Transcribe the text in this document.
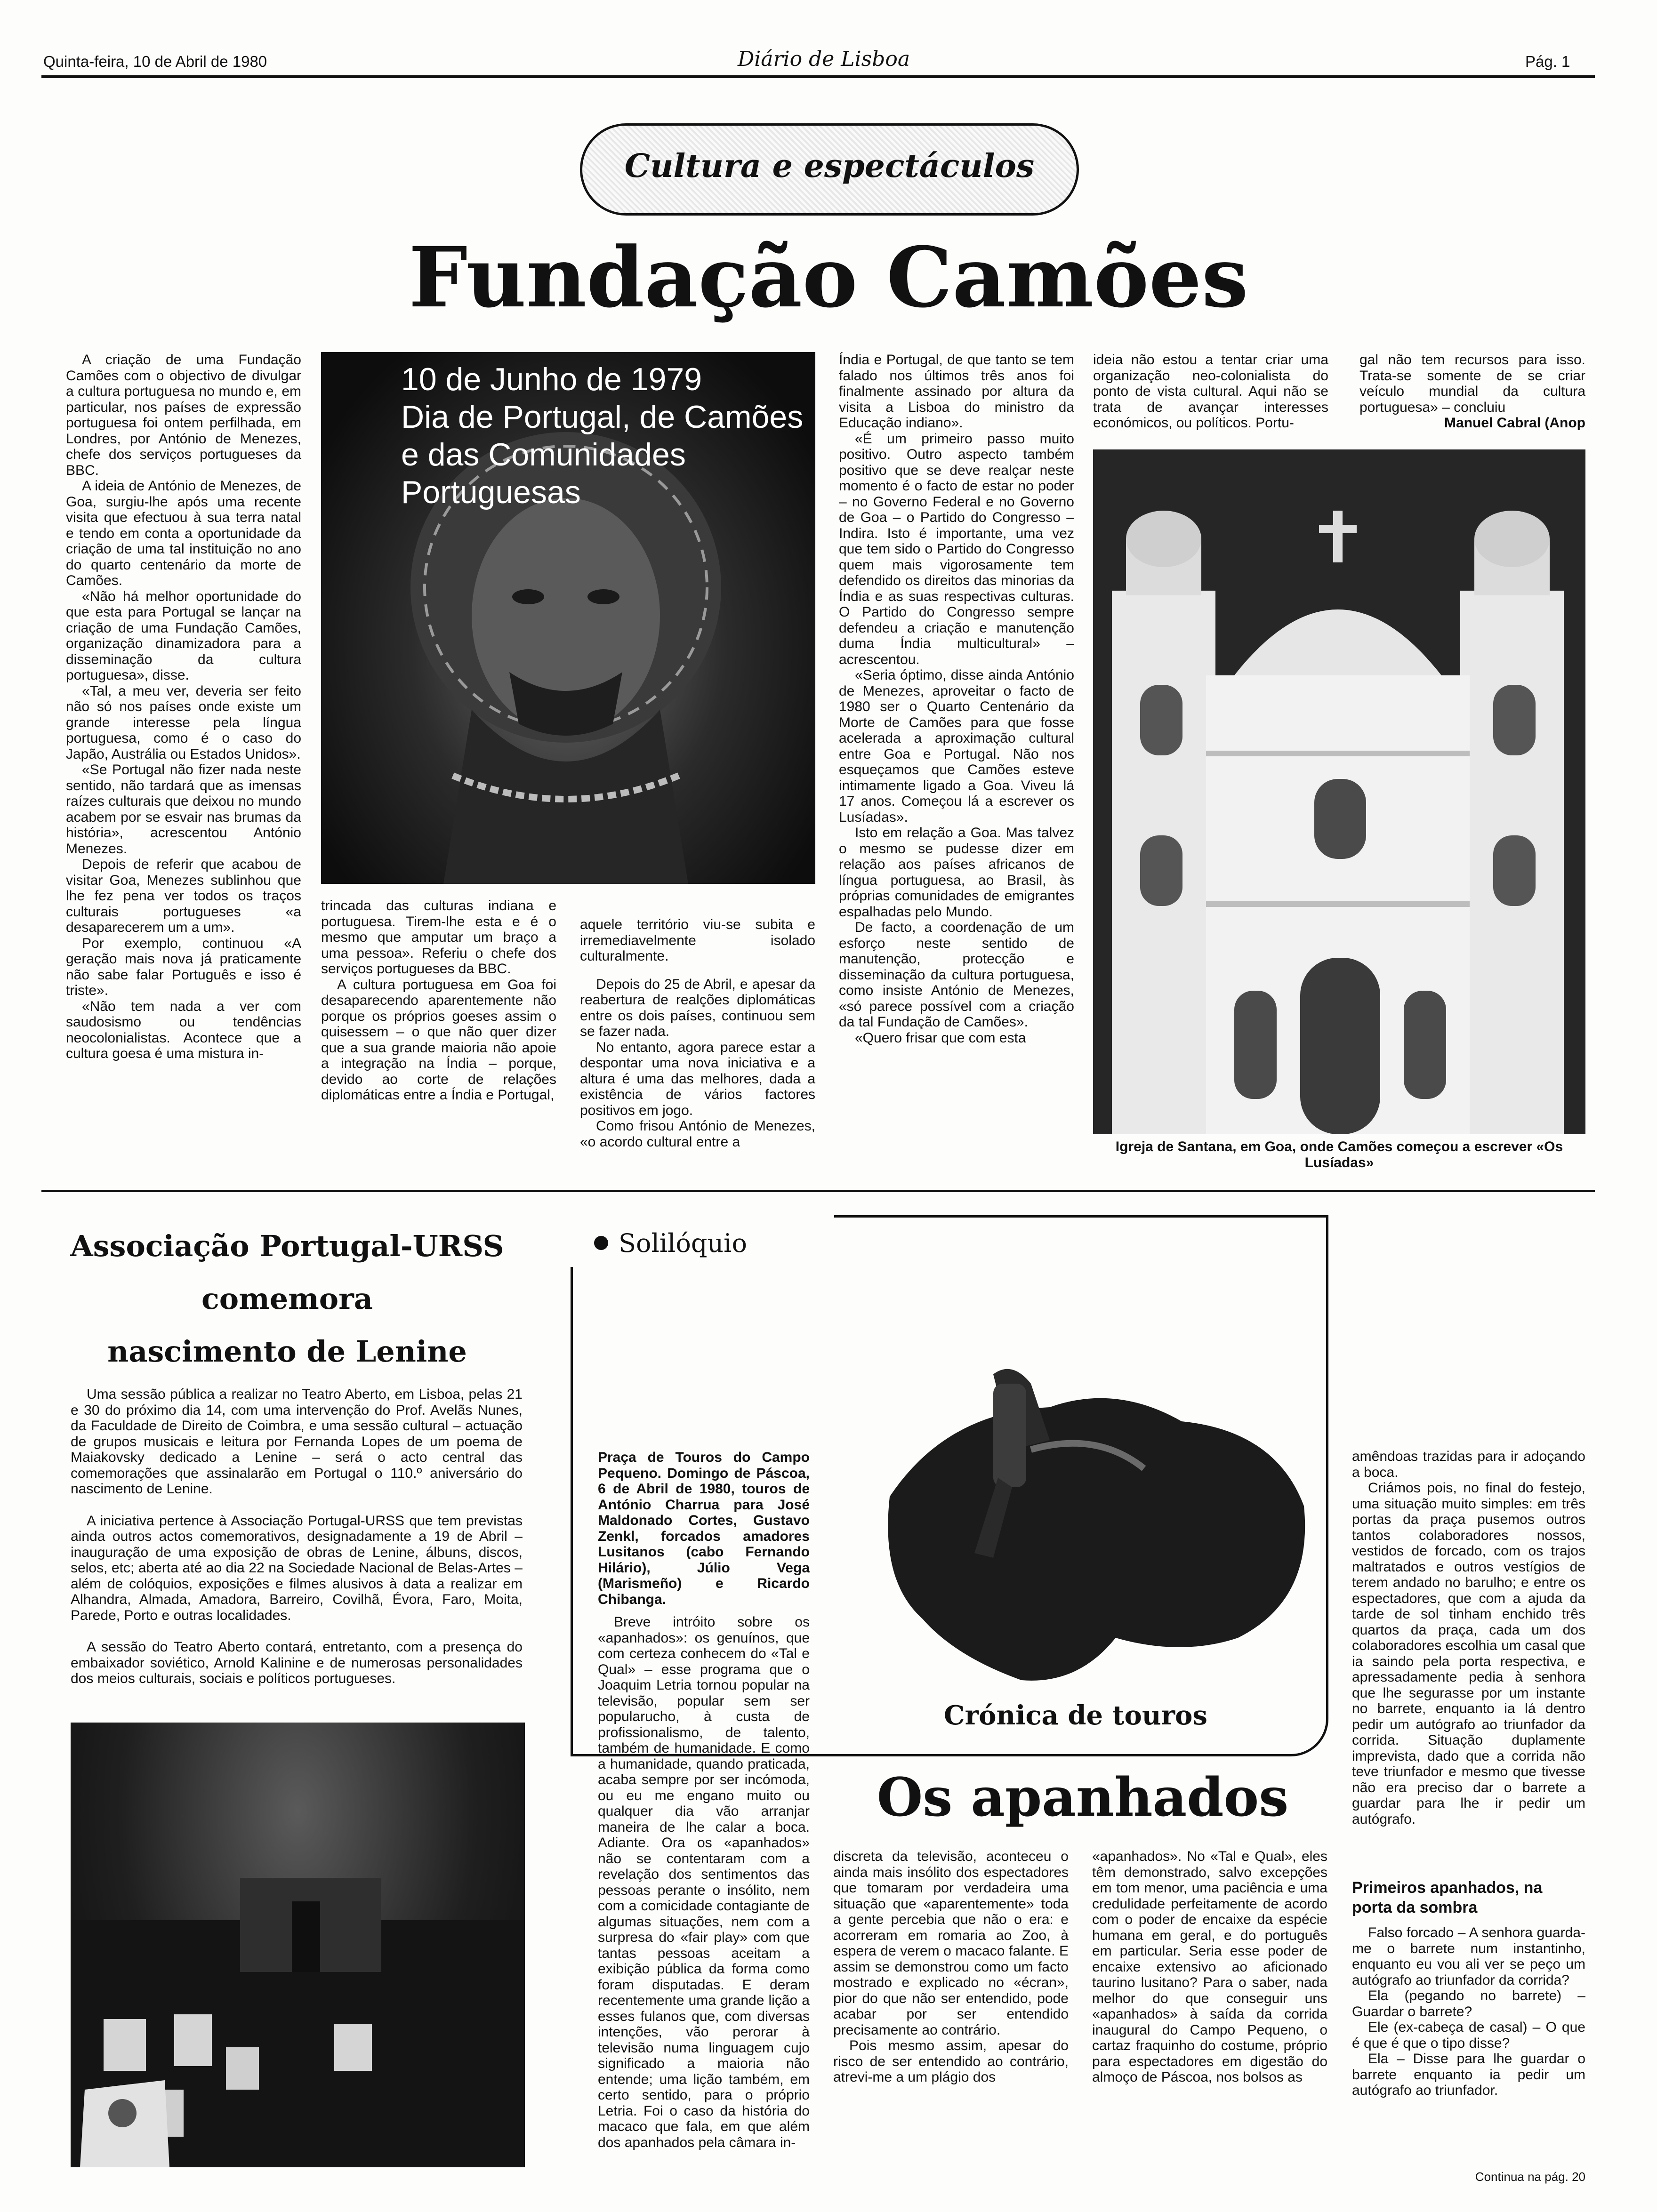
Quinta-feira, 10 de Abril de 1980	Diário de Lisboa	Pág. 1
Cultura e espectáculos
Fundação Camões

A criação de uma Fundação Camões com o objectivo de divulgar a cultura portuguesa no mundo e, em particular, nos países de expressão portuguesa foi ontem perfilhada, em Londres, por António de Menezes, chefe dos serviços portugueses da BBC.

A ideia de António de Menezes, de Goa, surgiu-lhe após uma recente visita que efectuou à sua terra natal e tendo em conta a oportunidade da criação de uma tal instituição no ano do quarto centenário da morte de Camões.

«Não há melhor oportunidade do que esta para Portugal se lançar na criação de uma Fundação Camões, organização dinamizadora para a disseminação da cultura portuguesa», disse.

«Tal, a meu ver, deveria ser feito não só nos países onde existe um grande interesse pela língua portuguesa, como é o caso do Japão, Austrália ou Estados Unidos».

«Se Portugal não fizer nada neste sentido, não tardará que as imensas raízes culturais que deixou no mundo acabem por se esvair nas brumas da história», acrescentou António Menezes.

Depois de referir que acabou de visitar Goa, Menezes sublinhou que lhe fez pena ver todos os traços culturais portugueses «a desaparecerem um a um».

Por exemplo, continuou «A geração mais nova já praticamente não sabe falar Português e isso é triste».

«Não tem nada a ver com saudosismo ou tendências neocolonialistas. Acontece que a cultura goesa é uma mistura in-

10 de Junho de 1979
Dia de Portugal, de Camões
e das Comunidades Portuguesas

trincada das culturas indiana e portuguesa. Tirem-lhe esta e é o mesmo que amputar um braço a uma pessoa». Referiu o chefe dos serviços portugueses da BBC.

A cultura portuguesa em Goa foi desaparecendo aparentemente não porque os próprios goeses assim o quisessem – o que não quer dizer que a sua grande maioria não apoie a integração na Índia – porque, devido ao corte de relações diplomáticas entre a Índia e Portugal,

aquele território viu-se subita e irremediavelmente isolado culturalmente.

Depois do 25 de Abril, e apesar da reabertura de realções diplomáticas entre os dois países, continuou sem se fazer nada.

No entanto, agora parece estar a despontar uma nova iniciativa e a altura é uma das melhores, dada a existência de vários factores positivos em jogo.

Como frisou António de Menezes, «o acordo cultural entre a

Índia e Portugal, de que tanto se tem falado nos últimos três anos foi finalmente assinado por altura da visita a Lisboa do ministro da Educação indiano».

«É um primeiro passo muito positivo. Outro aspecto também positivo que se deve realçar neste momento é o facto de estar no poder – no Governo Federal e no Governo de Goa – o Partido do Congresso – Indira. Isto é importante, uma vez que tem sido o Partido do Congresso quem mais vigorosamente tem defendido os direitos das minorias da Índia e as suas respectivas culturas. O Partido do Congresso sempre defendeu a criação e manutenção duma Índia multicultural» – acrescentou.

«Seria óptimo, disse ainda António de Menezes, aproveitar o facto de 1980 ser o Quarto Centenário da Morte de Camões para que fosse acelerada a aproximação cultural entre Goa e Portugal. Não nos esqueçamos que Camões esteve intimamente ligado a Goa. Viveu lá 17 anos. Começou lá a escrever os Lusíadas».

Isto em relação a Goa. Mas talvez o mesmo se pudesse dizer em relação aos países africanos de língua portuguesa, ao Brasil, às próprias comunidades de emigrantes espalhadas pelo Mundo.

De facto, a coordenação de um esforço neste sentido de manutenção, protecção e disseminação da cultura portuguesa, como insiste António de Menezes, «só parece possível com a criação da tal Fundação de Camões».

«Quero frisar que com esta

ideia não estou a tentar criar uma organização neo-colonialista do ponto de vista cultural. Aqui não se trata de avançar interesses económicos, ou políticos. Portu-

gal não tem recursos para isso. Trata-se somente de se criar veículo mundial da cultura portuguesa» – concluiu

Manuel Cabral (Anop

Igreja de Santana, em Goa, onde Camões começou a escrever «Os Lusíadas»
Associação Portugal-URSS
comemora
nascimento de Lenine

Uma sessão pública a realizar no Teatro Aberto, em Lisboa, pelas 21 e 30 do próximo dia 14, com uma intervenção do Prof. Avelãs Nunes, da Faculdade de Direito de Coimbra, e uma sessão cultural – actuação de grupos musicais e leitura por Fernanda Lopes de um poema de Maiakovsky dedicado a Lenine – será o acto central das comemorações que assinalarão em Portugal o 110.º aniversário do nascimento de Lenine.

A iniciativa pertence à Associação Portugal-URSS que tem previstas ainda outros actos comemorativos, designadamente a 19 de Abril – inauguração de uma exposição de obras de Lenine, álbuns, discos, selos, etc; aberta até ao dia 22 na Sociedade Nacional de Belas-Artes – além de colóquios, exposições e filmes alusivos à data a realizar em Alhandra, Almada, Amadora, Barreiro, Covilhã, Évora, Faro, Moita, Parede, Porto e outras localidades.

A sessão do Teatro Aberto contará, entretanto, com a presença do embaixador soviético, Arnold Kalinine e de numerosas personalidades dos meios culturais, sociais e políticos portugueses.

Solilóquio

Praça de Touros do Campo Pequeno. Domingo de Páscoa, 6 de Abril de 1980, touros de António Charrua para José Maldonado Cortes, Gustavo Zenkl, forcados amadores Lusitanos (cabo Fernando Hilário), Júlio Vega (Marismeño) e Ricardo Chibanga.

Breve intróito sobre os «apanhados»: os genuínos, que com certeza conhecem do «Tal e Qual» – esse programa que o Joaquim Letria tornou popular na televisão, popular sem ser popularucho, à custa de profissionalismo, de talento, também de humanidade. E como a humanidade, quando praticada, acaba sempre por ser incómoda, ou eu me engano muito ou qualquer dia vão arranjar maneira de lhe calar a boca. Adiante. Ora os «apanhados» não se contentaram com a revelação dos sentimentos das pessoas perante o insólito, nem com a comicidade contagiante de algumas situações, nem com a surpresa do «fair play» com que tantas pessoas aceitam a exibição pública da forma como foram disputadas. E deram recentemente uma grande lição a esses fulanos que, com diversas intenções, vão perorar à televisão numa linguagem cujo significado a maioria não entende; uma lição também, em certo sentido, para o próprio Letria. Foi o caso da história do macaco que fala, em que além dos apanhados pela câmara in-

Crónica de touros
Os apanhados

discreta da televisão, aconteceu o ainda mais insólito dos espectadores que tomaram por verdadeira uma situação que «aparentemente» toda a gente percebia que não o era: e acorreram em romaria ao Zoo, à espera de verem o macaco falante. E assim se demonstrou como um facto mostrado e explicado no «écran», pior do que não ser entendido, pode acabar por ser entendido precisamente ao contrário.

Pois mesmo assim, apesar do risco de ser entendido ao contrário, atrevi-me a um plágio dos

«apanhados». No «Tal e Qual», eles têm demonstrado, salvo excepções em tom menor, uma paciência e uma credulidade perfeitamente de acordo com o poder de encaixe da espécie humana em geral, e do português em particular. Seria esse poder de encaixe extensivo ao aficionado taurino lusitano? Para o saber, nada melhor do que conseguir uns «apanhados» à saída da corrida inaugural do Campo Pequeno, o cartaz fraquinho do costume, próprio para espectadores em digestão do almoço de Páscoa, nos bolsos as

amêndoas trazidas para ir adoçando a boca.

Criámos pois, no final do festejo, uma situação muito simples: em três portas da praça pusemos outros tantos colaboradores nossos, vestidos de forcado, com os trajos maltratados e outros vestígios de terem andado no barulho; e entre os espectadores, que com a ajuda da tarde de sol tinham enchido três quartos da praça, cada um dos colaboradores escolhia um casal que ia saindo pela porta respectiva, e apressadamente pedia à senhora que lhe segurasse por um instante no barrete, enquanto ia lá dentro pedir um autógrafo ao triunfador da corrida. Situação duplamente imprevista, dado que a corrida não teve triunfador e mesmo que tivesse não era preciso dar o barrete a guardar para lhe ir pedir um autógrafo.

Primeiros apanhados, na porta da sombra

Falso forcado – A senhora guarda-me o barrete num instantinho, enquanto eu vou ali ver se peço um autógrafo ao triunfador da corrida?

Ela (pegando no barrete) – Guardar o barrete?

Ele (ex-cabeça de casal) – O que é que é que o tipo disse?

Ela – Disse para lhe guardar o barrete enquanto ia pedir um autógrafo ao triunfador.

Continua na pág. 20
